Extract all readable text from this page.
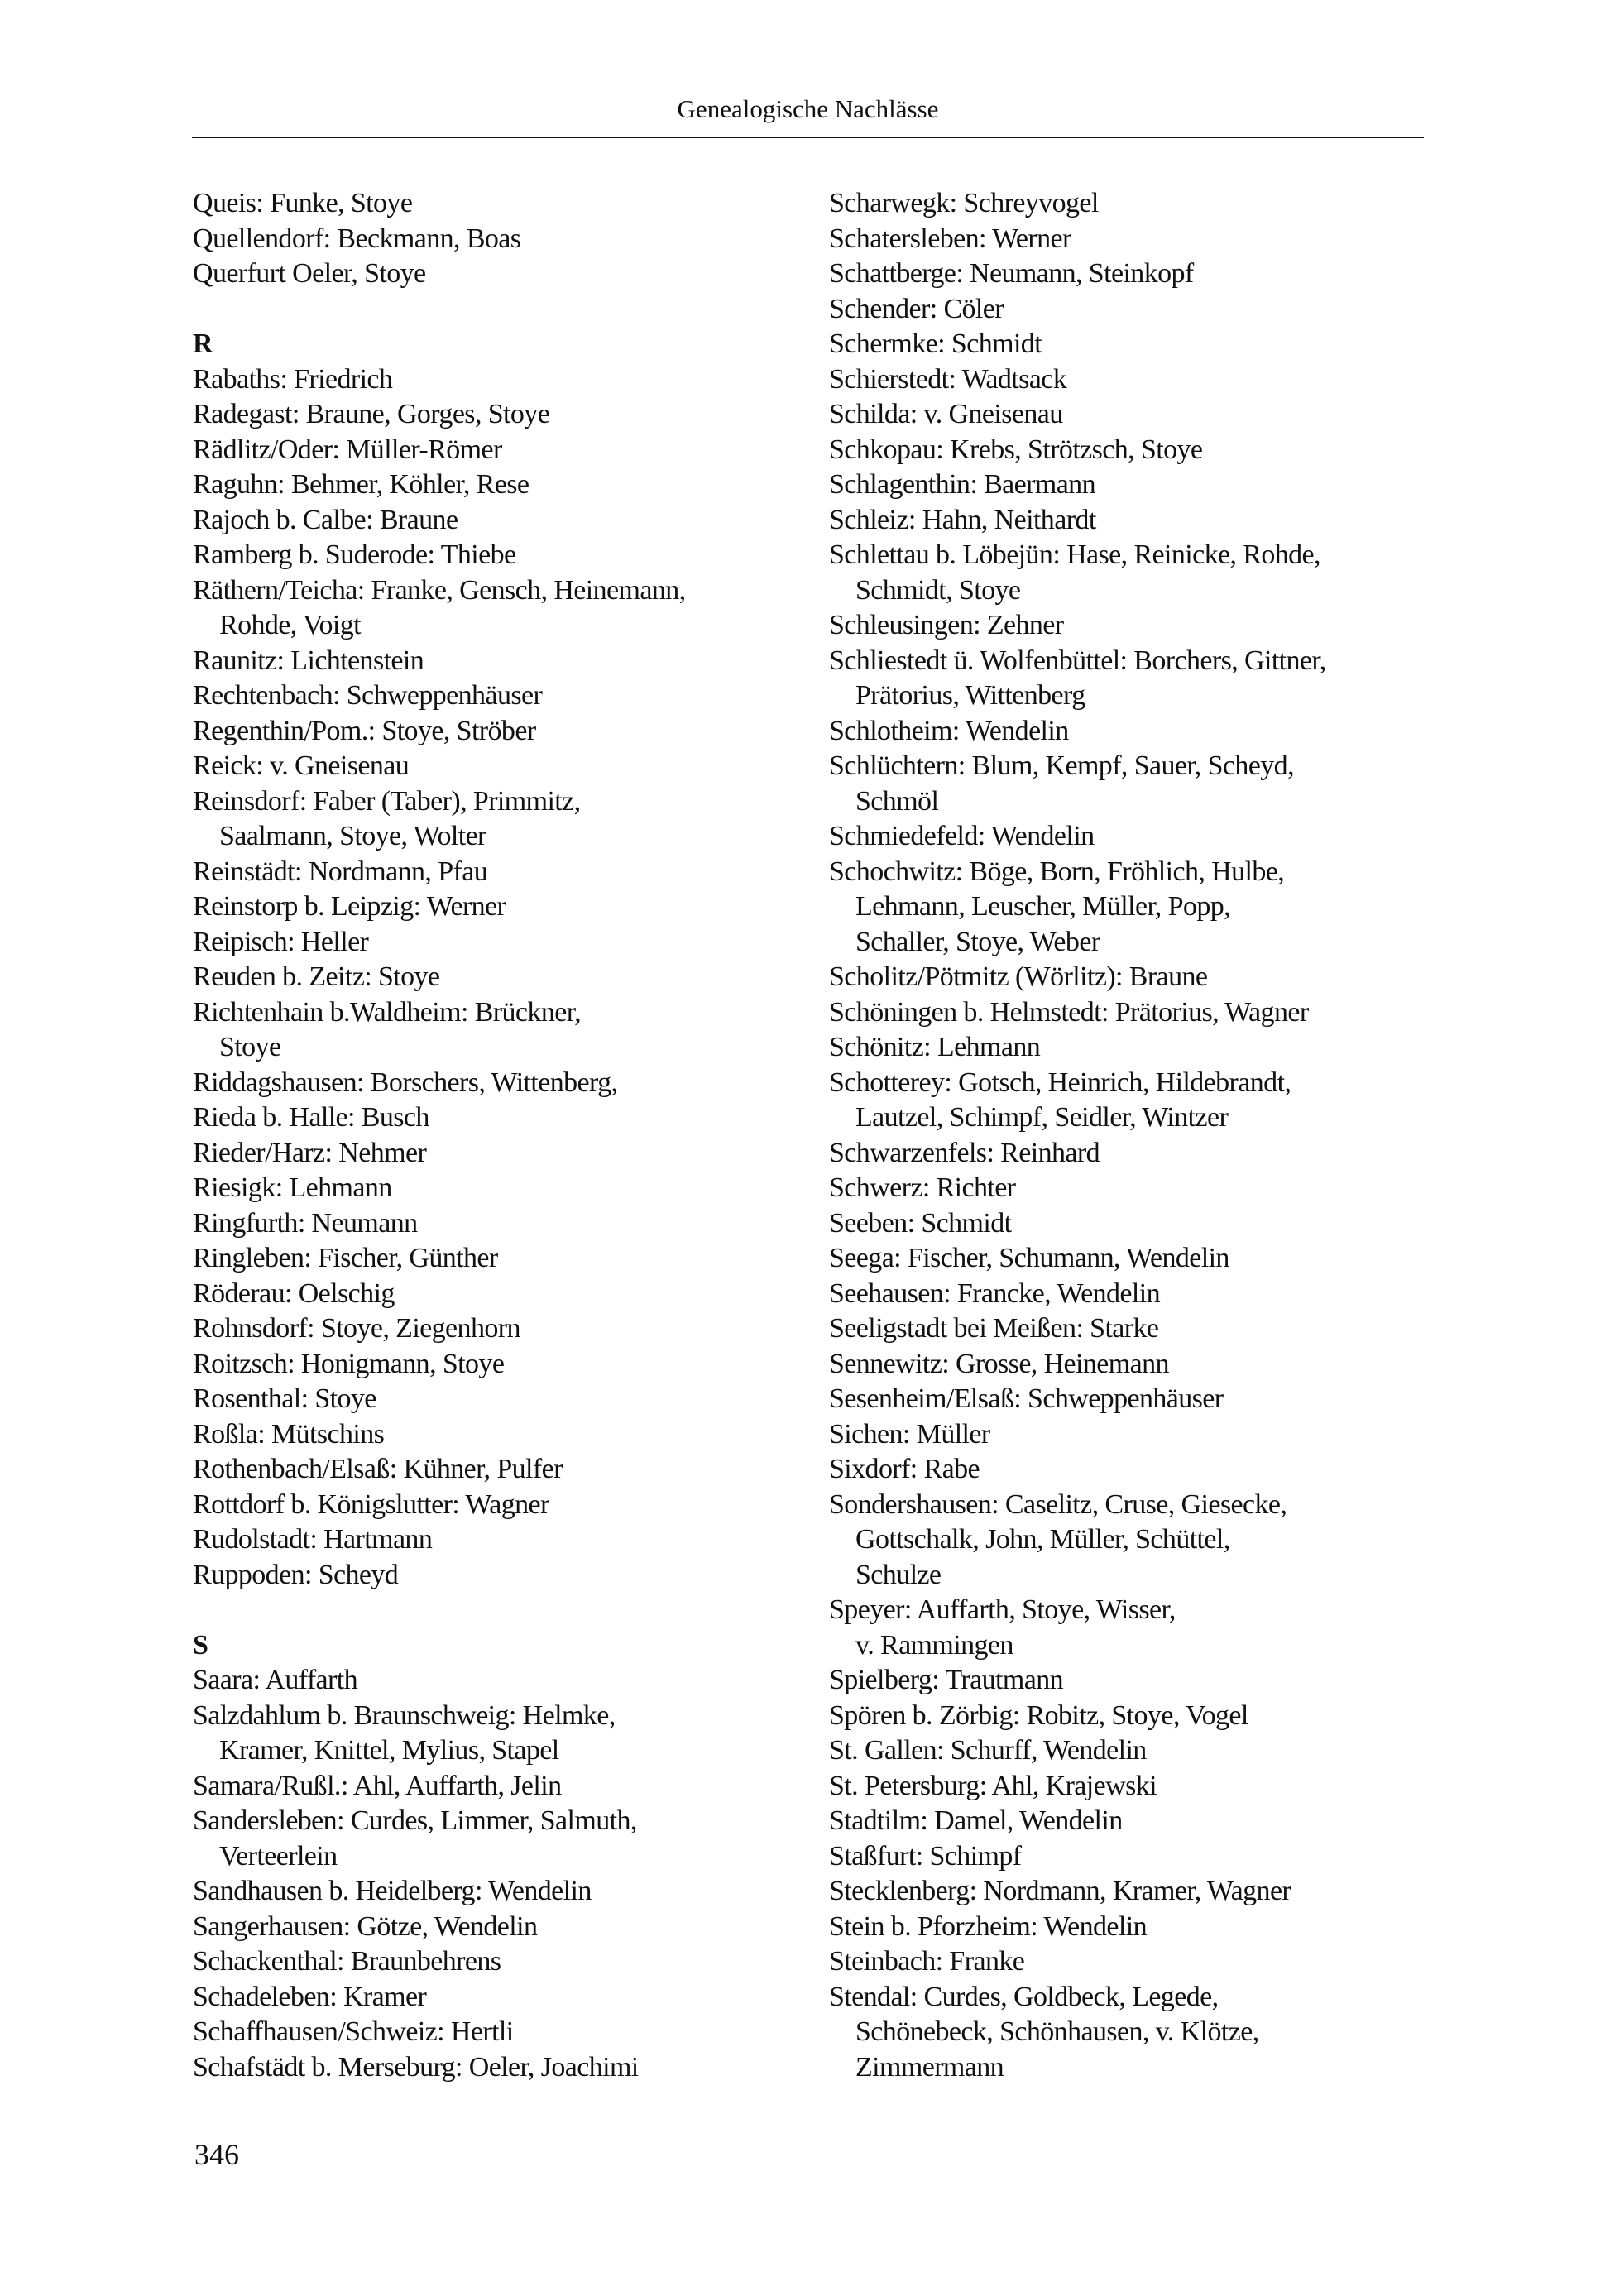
Genealogische Nachlässe
Queis: Funke, Stoye
Quellendorf: Beckmann, Boas
Querfurt Oeler, Stoye
R
Rabaths: Friedrich
Radegast: Braune, Gorges, Stoye
Rädlitz/Oder: Müller-Römer
Raguhn: Behmer, Köhler, Rese
Rajoch b. Calbe: Braune
Ramberg b. Suderode: Thiebe
Räthern/Teicha: Franke, Gensch, Heinemann,
Rohde, Voigt
Raunitz: Lichtenstein
Rechtenbach: Schweppenhäuser
Regenthin/Pom.: Stoye, Ströber
Reick: v. Gneisenau
Reinsdorf: Faber (Taber), Primmitz,
Saalmann, Stoye, Wolter
Reinstädt: Nordmann, Pfau
Reinstorp b. Leipzig: Werner
Reipisch: Heller
Reuden b. Zeitz: Stoye
Richtenhain b.Waldheim: Brückner,
Stoye
Riddagshausen: Borschers, Wittenberg,
Rieda b. Halle: Busch
Rieder/Harz: Nehmer
Riesigk: Lehmann
Ringfurth: Neumann
Ringleben: Fischer, Günther
Röderau: Oelschig
Rohnsdorf: Stoye, Ziegenhorn
Roitzsch: Honigmann, Stoye
Rosenthal: Stoye
Roßla: Mütschins
Rothenbach/Elsaß: Kühner, Pulfer
Rottdorf b. Königslutter: Wagner
Rudolstadt: Hartmann
Ruppoden: Scheyd
S
Saara: Auffarth
Salzdahlum b. Braunschweig: Helmke,
Kramer, Knittel, Mylius, Stapel
Samara/Rußl.: Ahl, Auffarth, Jelin
Sandersleben: Curdes, Limmer, Salmuth,
Verteerlein
Sandhausen b. Heidelberg: Wendelin
Sangerhausen: Götze, Wendelin
Schackenthal: Braunbehrens
Schadeleben: Kramer
Schaffhausen/Schweiz: Hertli
Schafstädt b. Merseburg: Oeler, Joachimi
Scharwegk: Schreyvogel
Schatersleben: Werner
Schattberge: Neumann, Steinkopf
Schender: Cöler
Schermke: Schmidt
Schierstedt: Wadtsack
Schilda: v. Gneisenau
Schkopau: Krebs, Strötzsch, Stoye
Schlagenthin: Baermann
Schleiz: Hahn, Neithardt
Schlettau b. Löbejün: Hase, Reinicke, Rohde,
Schmidt, Stoye
Schleusingen: Zehner
Schliestedt ü. Wolfenbüttel: Borchers, Gittner,
Prätorius, Wittenberg
Schlotheim: Wendelin
Schlüchtern: Blum, Kempf, Sauer, Scheyd,
Schmöl
Schmiedefeld: Wendelin
Schochwitz: Böge, Born, Fröhlich, Hulbe,
Lehmann, Leuscher, Müller, Popp,
Schaller, Stoye, Weber
Scholitz/Pötmitz (Wörlitz): Braune
Schöningen b. Helmstedt: Prätorius, Wagner
Schönitz: Lehmann
Schotterey: Gotsch, Heinrich, Hildebrandt,
Lautzel, Schimpf, Seidler, Wintzer
Schwarzenfels: Reinhard
Schwerz: Richter
Seeben: Schmidt
Seega: Fischer, Schumann, Wendelin
Seehausen: Francke, Wendelin
Seeligstadt bei Meißen: Starke
Sennewitz: Grosse, Heinemann
Sesenheim/Elsaß: Schweppenhäuser
Sichen: Müller
Sixdorf: Rabe
Sondershausen: Caselitz, Cruse, Giesecke,
Gottschalk, John, Müller, Schüttel,
Schulze
Speyer: Auffarth, Stoye, Wisser,
v. Rammingen
Spielberg: Trautmann
Spören b. Zörbig: Robitz, Stoye, Vogel
St. Gallen: Schurff, Wendelin
St. Petersburg: Ahl, Krajewski
Stadtilm: Damel, Wendelin
Staßfurt: Schimpf
Stecklenberg: Nordmann, Kramer, Wagner
Stein b. Pforzheim: Wendelin
Steinbach: Franke
Stendal: Curdes, Goldbeck, Legede,
Schönebeck, Schönhausen, v. Klötze,
Zimmermann
346
